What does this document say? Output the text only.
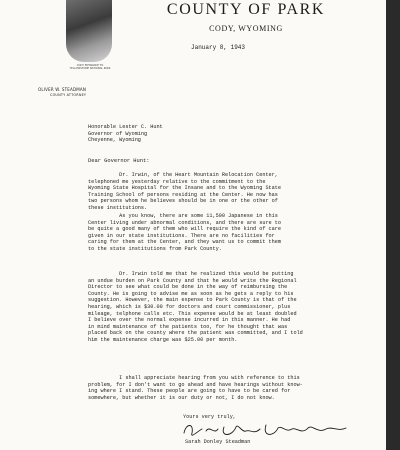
CODY ENTRANCE TO
YELLOWSTONE NATIONAL PARK
COUNTY OF PARK
CODY, WYOMING
January 8, 1943
OLIVER W. STEADMAN
COUNTY ATTORNEY
Honorable Lester C. Hunt
Governor of Wyoming
Cheyenne, Wyoming
Dear Governor Hunt:
Dr. Irwin, of the Heart Mountain Relocation Center,
telephoned me yesterday relative to the commitment to the
Wyoming State Hospital for the Insane and to the Wyoming State
Training School of persons residing at the Center. He now has
two persons whom he believes should be in one or the other of
these institutions.
As you know, there are some 11,500 Japanese in this
Center living under abnormal conditions, and there are sure to
be quite a good many of them who will require the kind of care
given in our state institutions. There are no facilities for
caring for them at the Center, and they want us to commit them
to the state institutions from Park County.
Dr. Irwin told me that he realized this would be putting
an undue burden on Park County and that he would write the Regional
Director to see what could be done in the way of reimbursing the
County. He is going to advise me as soon as he gets a reply to his
suggestion. However, the main expense to Park County is that of the
hearing, which is $30.00 for doctors and court commissioner, plus
mileage, telphone calls etc. This expense would be at least doubled
I believe over the normal expense incurred in this manner. He had
in mind maintenance of the patients too, for he thought that was
placed back on the county where the patient was committed, and I told
him the maintenance charge was $25.00 per month.
I shall appreciate hearing from you with reference to this
problem, for I don't want to go ahead and have hearings without know-
ing where I stand. These people are going to have to be cared for
somewhere, but whether it is our duty or not, I do not know.
Yours very truly,
Sarah Donley Steadman
